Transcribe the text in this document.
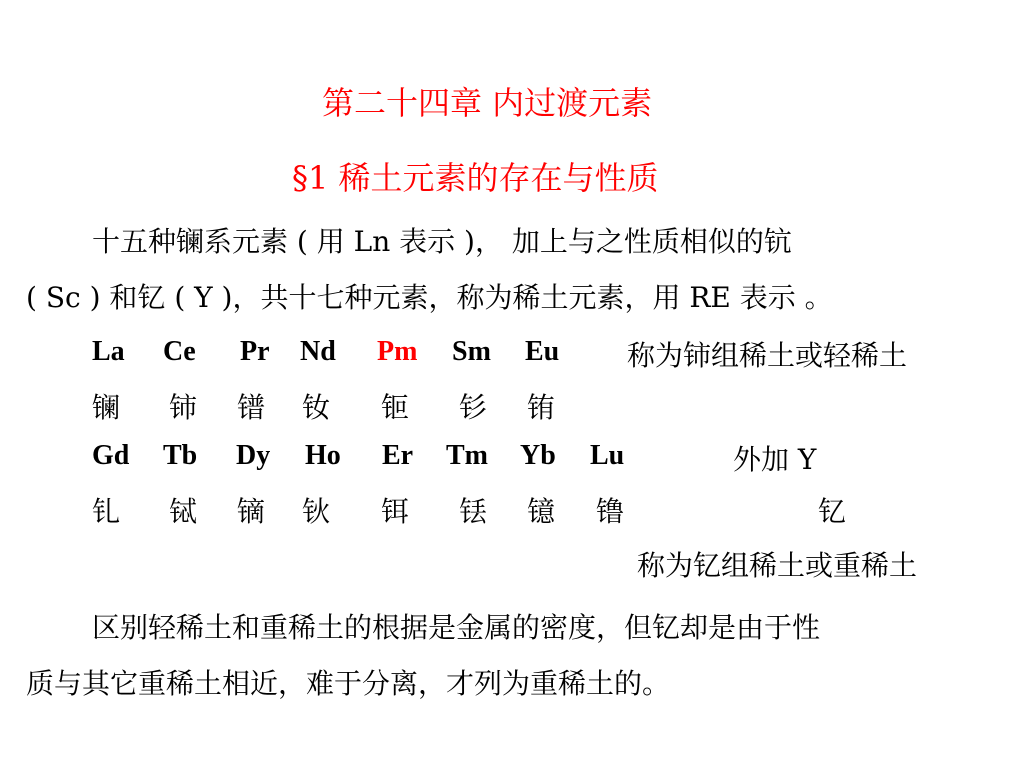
第二十四章 内过渡元素
§1 稀土元素的存在与性质
十五种镧系元素 ( 用 Ln 表示 )， 加上与之性质相似的钪
( Sc ) 和钇 ( Y )，共十七种元素，称为稀土元素，用 RE 表示 。
La Ce Pr Nd Pm Sm Eu 称为铈组稀土或轻稀土
镧 铈 镨 钕 钷 钐 铕
Gd Tb Dy Ho Er Tm Yb Lu	外加 Y
钆 铽 镝 钬 铒 铥 镱 镥	钇
称为钇组稀土或重稀土
区别轻稀土和重稀土的根据是金属的密度，但钇却是由于性
质与其它重稀土相近，难于分离，才列为重稀土的。
